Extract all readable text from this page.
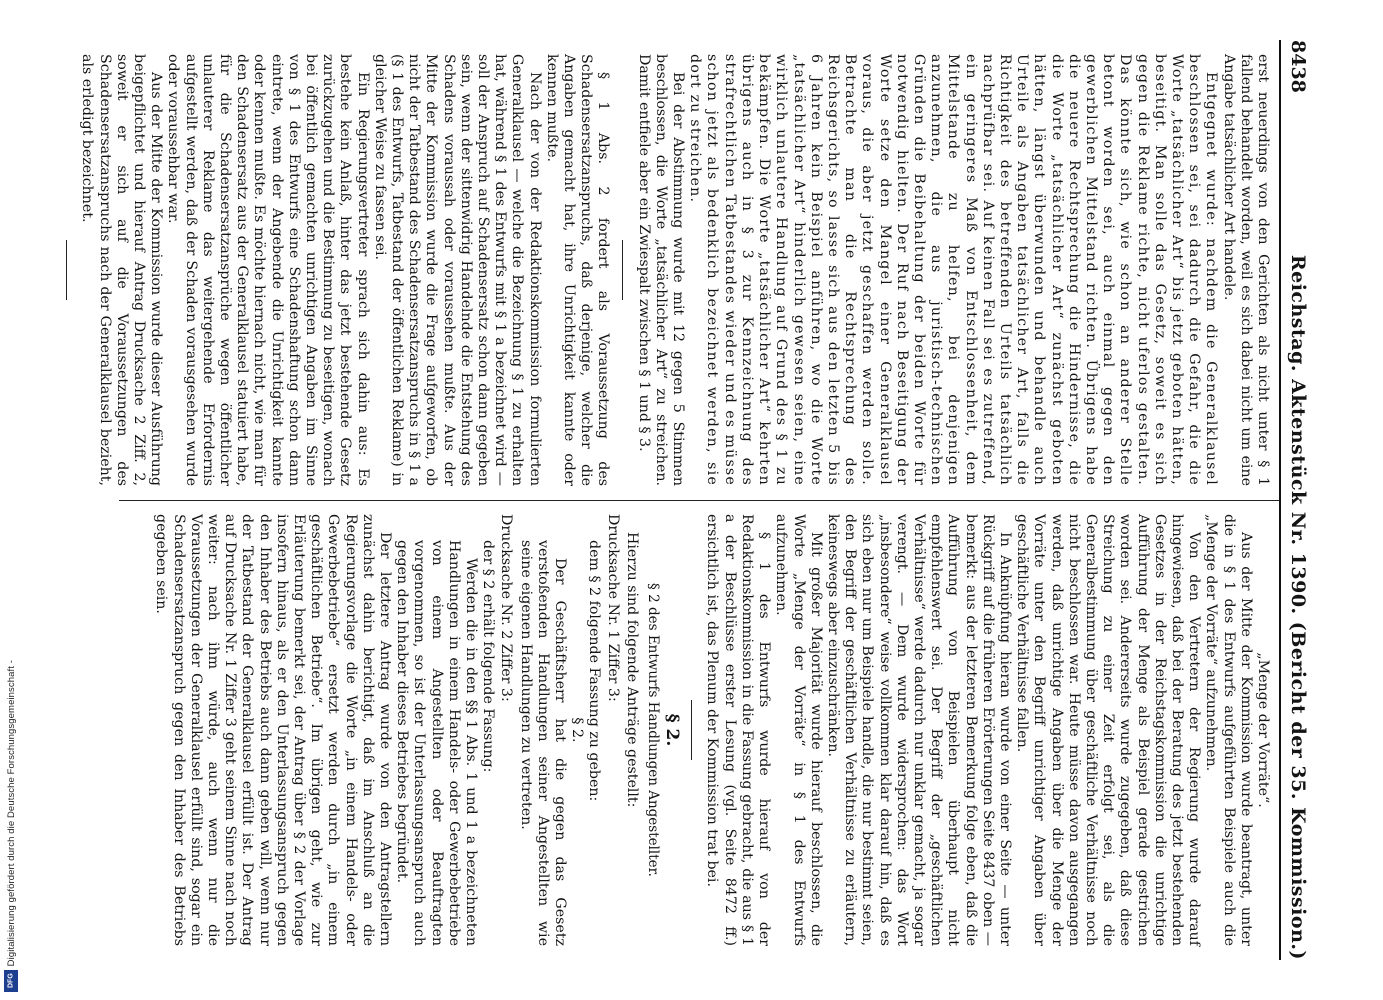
Digitalisierung gefördert durch die Deutsche Forschungsgemeinschaft -
DFG
8438
Reichstag. Aktenstück Nr. 1390. (Bericht der 35. Kommission.)

erst neuerdings von den Gerichten als nicht unter § 1 fallend behandelt worden, weil es sich dabei nicht um eine Angabe tatsächlicher Art handele.

Entgegnet wurde: nachdem die Generalklausel beschlossen sei, sei dadurch die Gefahr, die die Worte „tatsächlicher Art“ bis jetzt geboten hätten, beseitigt. Man solle das Gesetz, soweit es sich gegen die Reklame richte, nicht uferlos gestalten. Das könnte sich, wie schon an anderer Stelle betont worden sei, auch einmal gegen den gewerblichen Mittelstand richten. Übrigens habe die neuere Rechtsprechung die Hindernisse, die die Worte „tatsächlicher Art“ zunächst geboten hätten, längst überwunden und behandle auch Urteile als Angaben tatsächlicher Art, falls die Richtigkeit des betreffenden Urteils tatsächlich nachprüfbar sei. Auf keinen Fall sei es zutreffend, ein geringeres Maß von Entschlossenheit, dem Mittelstande zu helfen, bei denjenigen anzunehmen, die aus juristisch-technischen Gründen die Beibehaltung der beiden Worte für notwendig hielten. Der Ruf nach Beseitigung der Worte setze den Mangel einer Generalklausel voraus, die aber jetzt geschaffen werden solle. Betrachte man die Rechtsprechung des Reichsgerichts, so lasse sich aus den letzten 5 bis 6 Jahren kein Beispiel anführen, wo die Worte „tatsächlicher Art“ hinderlich gewesen seien, eine wirklich unlautere Handlung auf Grund des § 1 zu bekämpfen. Die Worte „tatsächlicher Art“ kehrten übrigens auch in § 3 zur Kennzeichnung des strafrechtlichen Tatbestandes wieder und es müsse schon jetzt als bedenklich bezeichnet werden, sie dort zu streichen.

Bei der Abstimmung wurde mit 12 gegen 5 Stimmen beschlossen, die Worte „tatsächlicher Art“ zu streichen. Damit entfiele aber ein Zwiespalt zwischen § 1 und § 3.

§ 1 Abs. 2 fordert als Voraussetzung des Schadensersatzanspruchs, daß derjenige, welcher die Angaben gemacht hat, ihre Unrichtigkeit kannte oder kennen mußte.

Nach der von der Redaktionskommission formulierten Generalklausel — welche die Bezeichnung § 1 zu erhalten hat, während § 1 des Entwurfs mit § 1 a bezeichnet wird — soll der Anspruch auf Schadensersatz schon dann gegeben sein, wenn der sittenwidrig Handelnde die Entstehung des Schadens voraussah oder voraussehen mußte. Aus der Mitte der Kommission wurde die Frage aufgeworfen, ob nicht der Tatbestand des Schadensersatzanspruchs in § 1 a (§ 1 des Entwurfs, Tatbestand der öffentlichen Reklame) in gleicher Weise zu fassen sei.

Ein Regierungsvertreter sprach sich dahin aus: Es bestehe kein Anlaß, hinter das jetzt bestehende Gesetz zurückzugehen und die Bestimmung zu beseitigen, wonach bei öffentlich gemachten unrichtigen Angaben im Sinne von § 1 des Entwurfs eine Schadenshaftung schon dann eintrete, wenn der Angebende die Unrichtigkeit kannte oder kennen mußte. Es möchte hiernach nicht, wie man für den Schadensersatz aus der Generalklausel statuiert habe, für die Schadensersatzansprüche wegen öffentlicher unlauterer Reklame das weitergehende Erfordernis aufgestellt werden, daß der Schaden vorausgesehen wurde oder voraussehbar war.

Aus der Mitte der Kommission wurde dieser Ausführung beigepflichtet und hierauf Antrag Drucksache 2 Ziff. 2, soweit er sich auf die Voraussetzungen des Schadensersatzanspruchs nach der Generalklausel bezieht, als erledigt bezeichnet.

„Menge der Vorräte“.

Aus der Mitte der Kommission wurde beantragt, unter die in § 1 des Entwurfs aufgeführten Beispiele auch die „Menge der Vorräte“ aufzunehmen.

Von den Vertretern der Regierung wurde darauf hingewiesen, daß bei der Beratung des jetzt bestehenden Gesetzes in der Reichstagskommission die unrichtige Aufführung der Menge als Beispiel gerade gestrichen worden sei. Andererseits wurde zugegeben, daß diese Streichung zu einer Zeit erfolgt sei, als die Generalbestimmung über geschäftliche Verhältnisse noch nicht beschlossen war. Heute müsse davon ausgegangen werden, daß unrichtige Angaben über die Menge der Vorräte unter den Begriff unrichtiger Angaben über geschäftliche Verhältnisse fallen.

In Anknüpfung hieran wurde von einer Seite — unter Rückgriff auf die früheren Erörterungen Seite 8437 oben — bemerkt: aus der letzteren Bemerkung folge eben, daß die Aufführung von Beispielen überhaupt nicht empfehlenswert sei. Der Begriff der „geschäftlichen Verhältnisse“ werde dadurch nur unklar gemacht, ja sogar verengt. — Dem wurde widersprochen: das Wort „insbesondere“ weise vollkommen klar darauf hin, daß es sich eben nur um Beispiele handle, die nur bestimmt seien, den Begriff der geschäftlichen Verhältnisse zu erläutern, keineswegs aber einzuschränken.

Mit großer Majorität wurde hierauf beschlossen, die Worte „Menge der Vorräte“ in § 1 des Entwurfs aufzunehmen.

§ 1 des Entwurfs wurde hierauf von der Redaktionskommission in die Fassung gebracht, die aus § 1 a der Beschlüsse erster Lesung (vgl. Seite 8472 ff.) ersichtlich ist, das Plenum der Kommission trat bei.

§ 2.

§ 2 des Entwurfs Handlungen Angestellter.

Hierzu sind folgende Anträge gestellt:

Drucksache Nr. 1 Ziffer 3:

dem § 2 folgende Fassung zu geben:

§ 2.

Der Geschäftsherr hat die gegen das Gesetz verstoßenden Handlungen seiner Angestellten wie seine eigenen Handlungen zu vertreten.

Drucksache Nr. 2 Ziffer 3:

der § 2 erhält folgende Fassung:

Werden die in den §§ 1 Abs. 1 und 1 a bezeichneten Handlungen in einem Handels- oder Gewerbebetriebe von einem Angestellten oder Beauftragten vorgenommen, so ist der Unterlassungsanspruch auch gegen den Inhaber dieses Betriebes begründet.

Der letztere Antrag wurde von den Antragstellern zunächst dahin berichtigt, daß im Anschluß an die Regierungsvorlage die Worte „in einem Handels- oder Gewerbebetriebe“ ersetzt werden durch „in einem geschäftlichen Betriebe“. Im übrigen geht, wie zur Erläuterung bemerkt sei, der Antrag über § 2 der Vorlage insofern hinaus, als er den Unterlassungsanspruch gegen den Inhaber des Betriebs auch dann geben will, wenn nur der Tatbestand der Generalklausel erfüllt ist. Der Antrag auf Drucksache Nr. 1 Ziffer 3 geht seinem Sinne nach noch weiter: nach ihm würde, auch wenn nur die Voraussetzungen der Generalklausel erfüllt sind, sogar ein Schadensersatzanspruch gegen den Inhaber des Betriebs gegeben sein.
